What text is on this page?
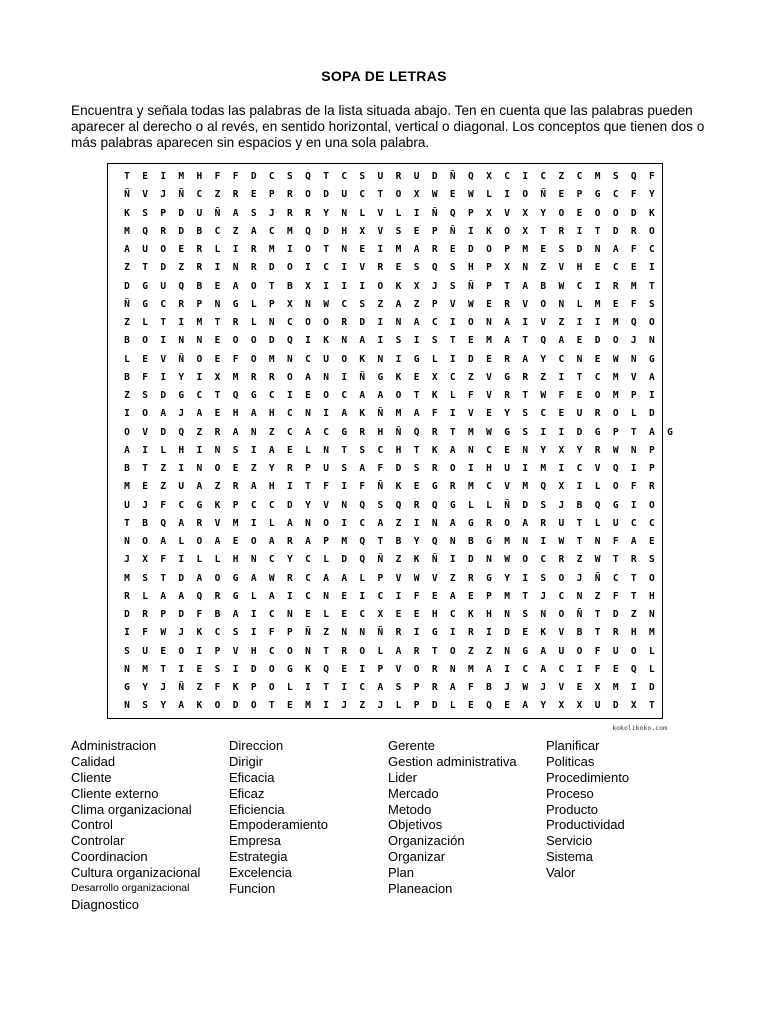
SOPA DE LETRAS
Encuentra y señala todas las palabras de la lista situada abajo. Ten en cuenta que las palabras pueden aparecer al derecho o al revés, en sentido horizontal, vertical o diagonal. Los conceptos que tienen dos o más palabras aparecen sin espacios y en una sola palabra.
T	E	I	M	H	F	F	D	C	S	Q	T	C	S	U	R	U	D	Ñ	Q	X	C	I	C	Z	C	M	S	Q	F
Ñ	V	J	Ñ	C	Z	R	E	P	R	O	D	U	C	T	O	X	W	E	W	L	I	O	Ñ	E	P	G	C	F	Y
K	S	P	D	U	Ñ	A	S	J	R	R	Y	N	L	V	L	I	Ñ	Q	P	X	V	X	Y	O	E	O	O	D	K
M	Q	R	D	B	C	Z	A	C	M	Q	D	H	X	V	S	E	P	Ñ	I	K	O	X	T	R	I	T	D	R	O
A	U	O	E	R	L	I	R	M	I	O	T	N	E	I	M	A	R	E	D	O	P	M	E	S	D	N	A	F	C
Z	T	D	Z	R	I	N	R	D	O	I	C	I	V	R	E	S	Q	S	H	P	X	N	Z	V	H	E	C	E	I
D	G	U	Q	B	E	A	O	T	B	X	I	I	I	O	K	X	J	S	Ñ	P	T	A	B	W	C	I	R	M	T
Ñ	G	C	R	P	N	G	L	P	X	N	W	C	S	Z	A	Z	P	V	W	E	R	V	O	N	L	M	E	F	S
Z	L	T	I	M	T	R	L	N	C	O	O	R	D	I	N	A	C	I	O	N	A	I	V	Z	I	I	M	Q	O
B	O	I	N	N	E	O	O	D	Q	I	K	N	A	I	S	I	S	T	E	M	A	T	Q	A	E	D	O	J	N
L	E	V	Ñ	O	E	F	O	M	N	C	U	O	K	N	I	G	L	I	D	E	R	A	Y	C	N	E	W	N	G
B	F	I	Y	I	X	M	R	R	O	A	N	I	Ñ	G	K	E	X	C	Z	V	G	R	Z	I	T	C	M	V	A
Z	S	D	G	C	T	Q	G	C	I	E	O	C	A	A	O	T	K	L	F	V	R	T	W	F	E	O	M	P	I
I	O	A	J	A	E	H	A	H	C	N	I	A	K	Ñ	M	A	F	I	V	E	Y	S	C	E	U	R	O	L	D
O	V	D	Q	Z	R	A	N	Z	C	A	C	G	R	H	Ñ	Q	R	T	M	W	G	S	I	I	D	G	P	T	A	G
A	I	L	H	I	N	S	I	A	E	L	N	T	S	C	H	T	K	A	N	C	E	N	Y	X	Y	R	W	N	P
B	T	Z	I	N	O	E	Z	Y	R	P	U	S	A	F	D	S	R	O	I	H	U	I	M	I	C	V	Q	I	P
M	E	Z	U	A	Z	R	A	H	I	T	F	I	F	Ñ	K	E	G	R	M	C	V	M	Q	X	I	L	O	F	R
U	J	F	C	G	K	P	C	C	D	Y	V	N	Q	S	Q	R	Q	G	L	L	Ñ	D	S	J	B	Q	G	I	O
T	B	Q	A	R	V	M	I	L	A	N	O	I	C	A	Z	I	N	A	G	R	O	A	R	U	T	L	U	C	C
N	O	A	L	O	A	E	O	A	R	A	P	M	Q	T	B	Y	Q	N	B	G	M	N	I	W	T	N	F	A	E
J	X	F	I	L	L	H	N	C	Y	C	L	D	Q	Ñ	Z	K	Ñ	I	D	N	W	O	C	R	Z	W	T	R	S
M	S	T	D	A	O	G	A	W	R	C	A	A	L	P	V	W	V	Z	R	G	Y	I	S	O	J	Ñ	C	T	O
R	L	A	A	Q	R	G	L	A	I	C	N	E	I	C	I	F	E	A	E	P	M	T	J	C	N	Z	F	T	H
D	R	P	D	F	B	A	I	C	N	E	L	E	C	X	E	E	H	C	K	H	N	S	N	O	Ñ	T	D	Z	N
I	F	W	J	K	C	S	I	F	P	Ñ	Z	N	N	Ñ	R	I	G	I	R	I	D	E	K	V	B	T	R	H	M
S	U	E	O	I	P	V	H	C	O	N	T	R	O	L	A	R	T	O	Z	Z	N	G	A	U	O	F	U	O	L
N	M	T	I	E	S	I	D	O	G	K	Q	E	I	P	V	O	R	N	M	A	I	C	A	C	I	F	E	Q	L
G	Y	J	Ñ	Z	F	K	P	O	L	I	T	I	C	A	S	P	R	A	F	B	J	W	J	V	E	X	M	I	D
N	S	Y	A	K	O	D	O	T	E	M	I	J	Z	J	L	P	D	L	E	Q	E	A	Y	X	X	U	D	X	T
kokolikoko.com
Administracion
Calidad
Cliente
Cliente externo
Clima organizacional
Control
Controlar
Coordinacion
Cultura organizacional
Desarrollo organizacional
Diagnostico
Direccion
Dirigir
Eficacia
Eficaz
Eficiencia
Empoderamiento
Empresa
Estrategia
Excelencia
Funcion
Gerente
Gestion administrativa
Lider
Mercado
Metodo
Objetivos
Organización
Organizar
Plan
Planeacion
Planificar
Politicas
Procedimiento
Proceso
Producto
Productividad
Servicio
Sistema
Valor
